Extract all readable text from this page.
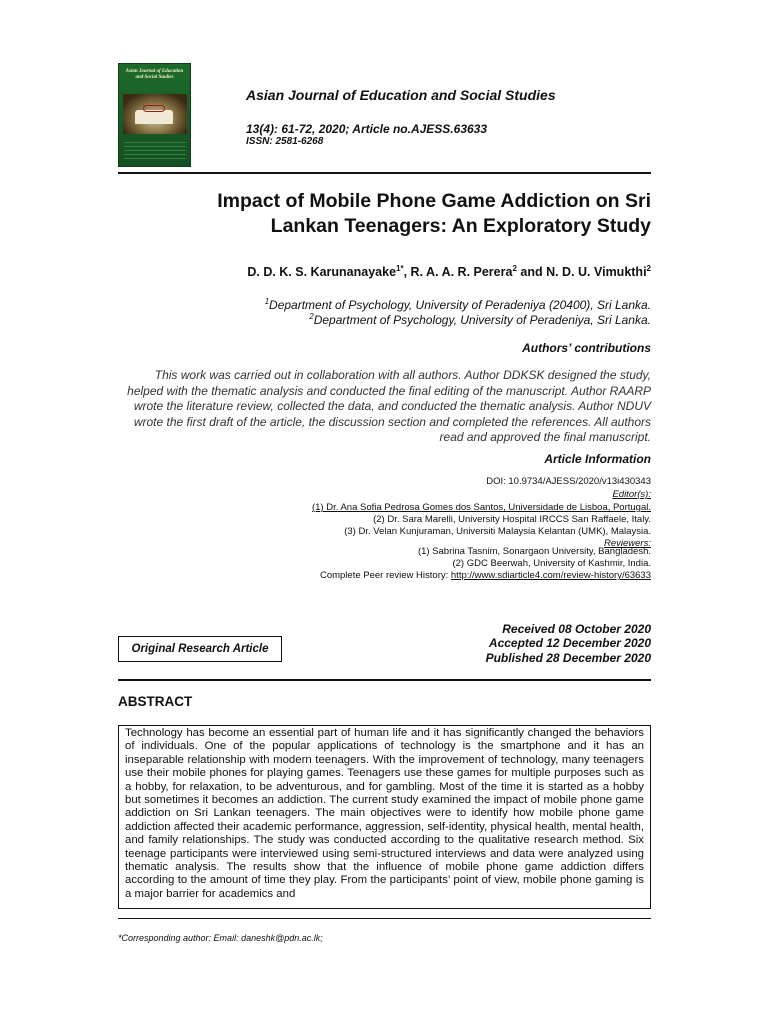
Asian Journal of Education and Social Studies
Asian Journal of Education and Social Studies
13(4): 61-72, 2020; Article no.AJESS.63633
ISSN: 2581-6268
Impact of Mobile Phone Game Addiction on Sri Lankan Teenagers: An Exploratory Study
D. D. K. S. Karunanayake$^{1*}$, R. A. A. R. Perera$^2$ and N. D. U. Vimukthi$^2$
$^1$Department of Psychology, University of Peradeniya (20400), Sri Lanka.
$^2$Department of Psychology, University of Peradeniya, Sri Lanka.
Authors’ contributions
This work was carried out in collaboration with all authors. Author DDKSK designed the study, helped with the thematic analysis and conducted the final editing of the manuscript. Author RAARP wrote the literature review, collected the data, and conducted the thematic analysis. Author NDUV wrote the first draft of the article, the discussion section and completed the references. All authors read and approved the final manuscript.
Article Information
DOI: 10.9734/AJESS/2020/v13i430343
Editor(s):
(1) Dr. Ana Sofia Pedrosa Gomes dos Santos, Universidade de Lisboa, Portugal.
(2) Dr. Sara Marelli, University Hospital IRCCS San Raffaele, Italy.
(3) Dr. Velan Kunjuraman, Universiti Malaysia Kelantan (UMK), Malaysia.
Reviewers:
(1) Sabrina Tasnim, Sonargaon University, Bangladesh.
(2) GDC Beerwah, University of Kashmir, India.
Complete Peer review History: http://www.sdiarticle4.com/review-history/63633
Original Research Article
Received 08 October 2020
Accepted 12 December 2020
Published 28 December 2020
ABSTRACT
Technology has become an essential part of human life and it has significantly changed the behaviors of individuals. One of the popular applications of technology is the smartphone and it has an inseparable relationship with modern teenagers. With the improvement of technology, many teenagers use their mobile phones for playing games. Teenagers use these games for multiple purposes such as a hobby, for relaxation, to be adventurous, and for gambling. Most of the time it is started as a hobby but sometimes it becomes an addiction. The current study examined the impact of mobile phone game addiction on Sri Lankan teenagers. The main objectives were to identify how mobile phone game addiction affected their academic performance, aggression, self-identity, physical health, mental health, and family relationships. The study was conducted according to the qualitative research method. Six teenage participants were interviewed using semi-structured interviews and data were analyzed using thematic analysis. The results show that the influence of mobile phone game addiction differs according to the amount of time they play. From the participants’ point of view, mobile phone gaming is a major barrier for academics and
*Corresponding author: Email: daneshk@pdn.ac.lk;
